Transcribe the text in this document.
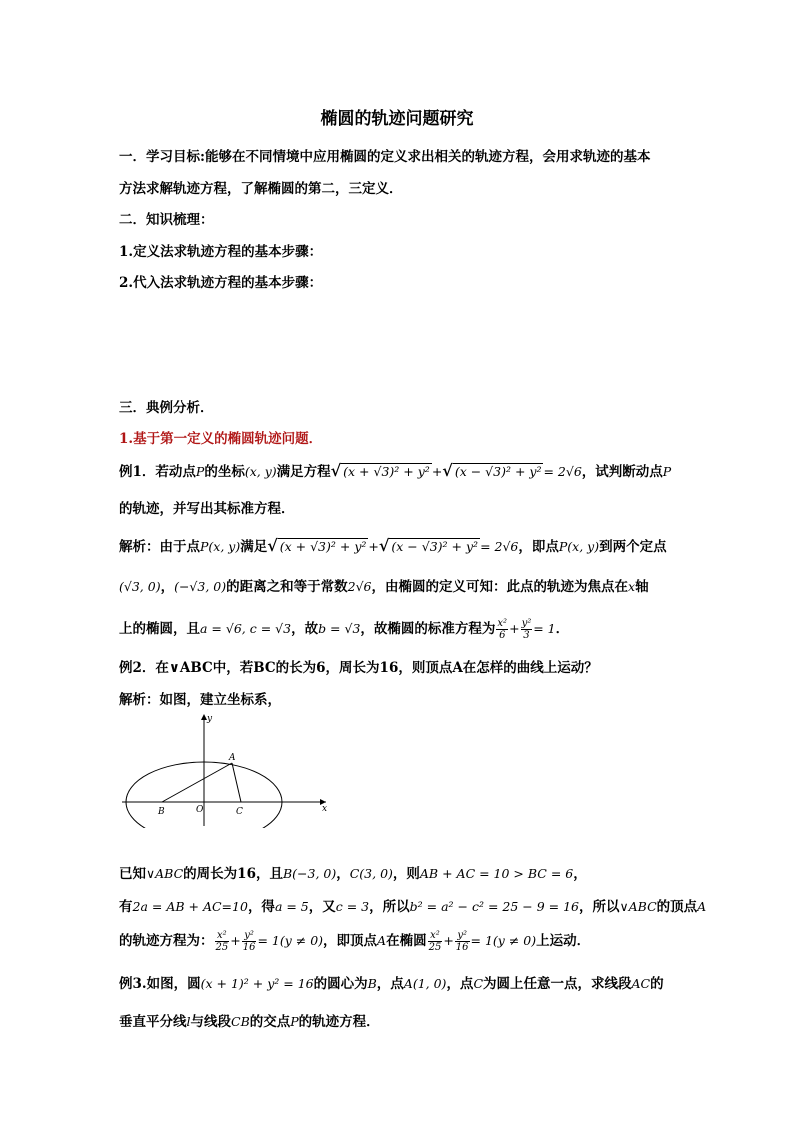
椭圆的轨迹问题研究
一．学习目标:能够在不同情境中应用椭圆的定义求出相关的轨迹方程，会用求轨迹的基本
方法求解轨迹方程，了解椭圆的第二，三定义．
二．知识梳理：
1.定义法求轨迹方程的基本步骤：
2.代入法求轨迹方程的基本步骤：
三．典例分析．
1.基于第一定义的椭圆轨迹问题．
例1．若动点P的坐标(x, y)满足方程√ (x + √3)² + y² +√ (x − √3)² + y² = 2√6，试判断动点P
的轨迹，并写出其标准方程．
解析：由于点P(x, y)满足√ (x + √3)² + y² +√ (x − √3)² + y² = 2√6，即点P(x, y)到两个定点
(√3, 0)，(−√3, 0)的距离之和等于常数2√6，由椭圆的定义可知：此点的轨迹为焦点在x轴
上的椭圆，且a = √6, c = √3，故b = √3，故椭圆的标准方程为 $\frac{\text{x²}}{6} + \frac{\text{y²}}{3} = 1$．
例2．在∨ABC中，若BC的长为6，周长为16，则顶点A在怎样的曲线上运动？
解析：如图，建立坐标系，
y
x
A
B	O	C
已知∨ABC的周长为16，且B(−3, 0)，C(3, 0)，则AB + AC = 10 > BC = 6，
有2a = AB + AC=10，得a = 5，又c = 3，所以b² = a² − c² = 25 − 9 = 16，所以∨ABC的顶点A
的轨迹方程为： $\frac{\text{x²}}{25} + \frac{\text{y²}}{16} = 1(y \ne 0)$，即顶点A在椭圆 $\frac{\text{x²}}{25} + \frac{\text{y²}}{16} = 1(y \ne 0)$上运动．
例3.如图，圆(x + 1)² + y² = 16的圆心为B，点A(1, 0)，点C为圆上任意一点，求线段AC的
垂直平分线l与线段CB的交点P的轨迹方程．
